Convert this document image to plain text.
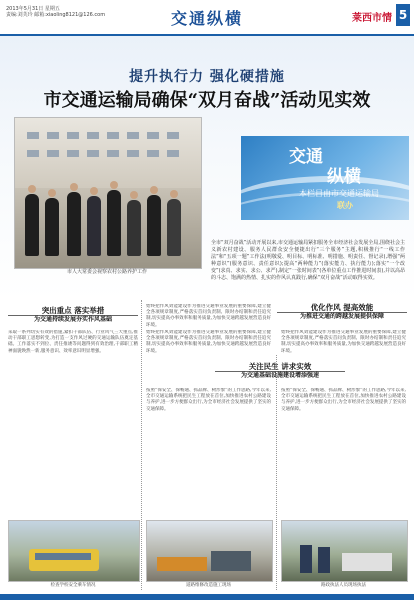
2013年5月31日 星期五
责编:刘芙玲 邮箱:xiaoling8121@126.com	交通纵横	莱西市情 5
提升执行力 强化硬措施
市交通运输局确保“双月奋战”活动见实效
市人大常委会视察农村公路养护工作
交通
纵横
本栏目由市交通运输局
联办
全市“双月奋战”活动开展以来,市交通运输局紧扣服务全市经济社会发展全局,围绕社会主义新农村建设、服务人民群众安全便捷出行“三个服务”主题,积极推行“一线工作法”和“五项一题”工作法(明敬爱、明目标、明标准、明措施、明责任、督记录),增强“两种意识”(服务意识、责任意识);提高“两种能力”(落实能力、执行能力);落实“一个改变”(求真、求实、求公、求严),制定“一张时间表”(各单位重点工作推进时间表),并以高昂的斗志、饱满的热情、扎实的作风认真践行,确保“双月奋战”活动取得实效。
突出重点 落实举措
为交通持续发展夯实作风基础
采取一系列切实有效的措施,紧扣干部队伍、行业风气三大重点,推动干部职工思想转变,为打造一支作风过硬的交通运输队伍奠定基础。工作落实不到位、责任推诿等问题得到有效治理,干部职工精神面貌焕然一新,服务意识、效率意识明显增强。
始终把作风效能建设作为推进交通事业发展的重要保障,建立健全各项规章制度,严格落实首问负责制、限时办结制和责任追究制,切实提高办事效率和服务质量,为加快交通跨越发展营造良好环境。
优化作风 提高效能
为推进交通的跨越发展提供保障
始终把作风效能建设作为推进交通事业发展的重要保障,建立健全各项规章制度,严格落实首问负责制、限时办结制和责任追究制,切实提高办事效率和服务质量,为加快交通跨越发展营造良好环境。
始终把作风效能建设作为推进交通事业发展的重要保障,建立健全各项规章制度,严格落实首问负责制、限时办结制和责任追究制,切实提高办事效率和服务质量,为加快交通跨越发展营造良好环境。
关注民生 讲求实效
为交通基础设施建设增添强速
按照“保安全、保畅通、抓品牌、树形象”的工作思路,今年以来,全市交通运输系统把民生工程放在首位,加快推进农村公路建设与养护,进一步方便群众出行,为全市经济社会发展提供了坚实的交通保障。
按照“保安全、保畅通、抓品牌、树形象”的工作思路,今年以来,全市交通运输系统把民生工程放在首位,加快推进农村公路建设与养护,进一步方便群众出行,为全市经济社会发展提供了坚实的交通保障。
检查学校安全乘车情况	道路维修改造施工现场	路政执法人员现场执法
